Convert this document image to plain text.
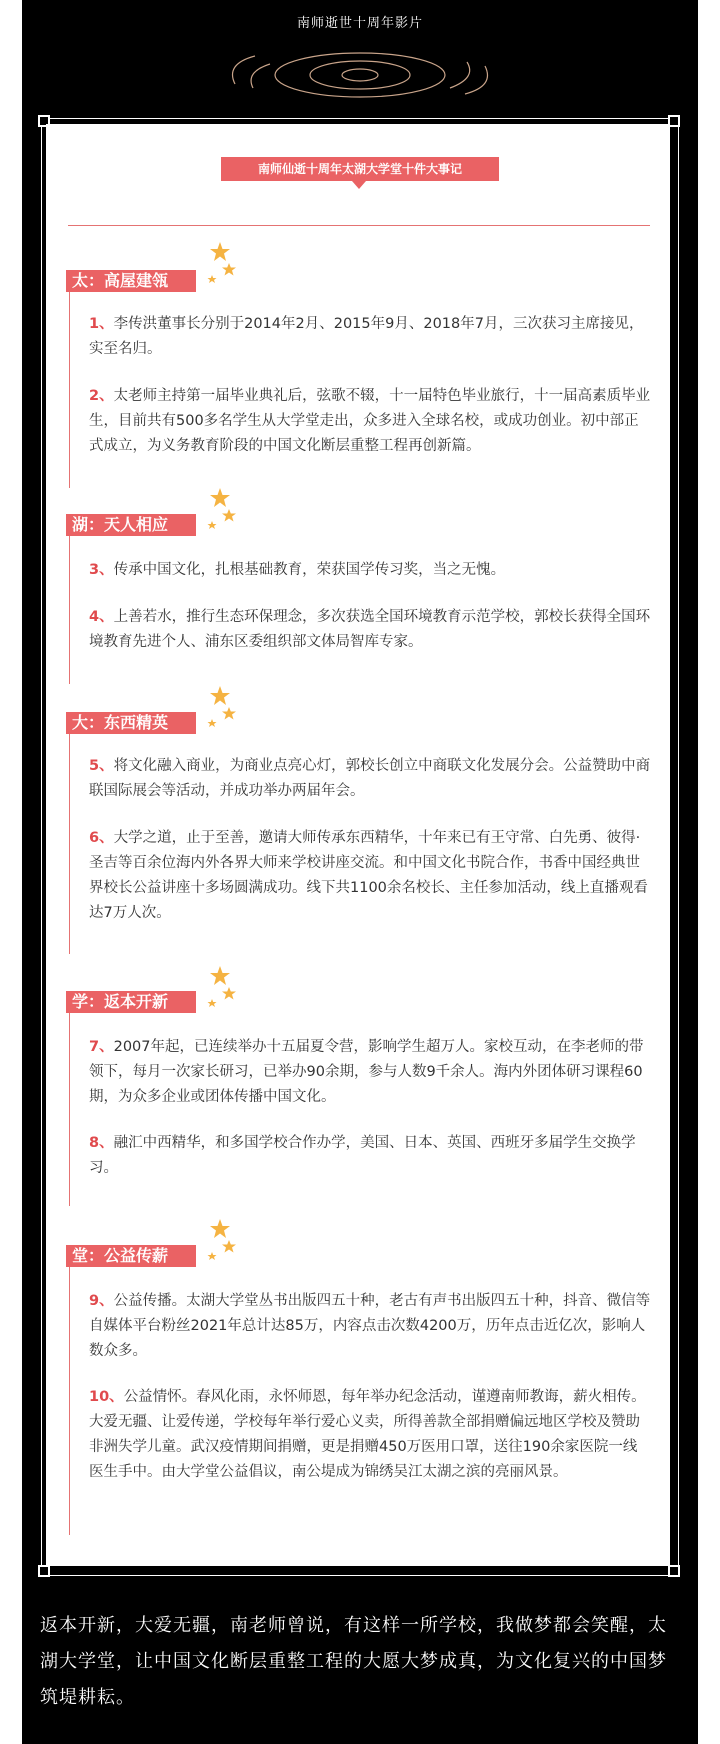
南师逝世十周年影片
南师仙逝十周年太湖大学堂十件大事记
太：高屋建瓴

1、李传洪董事长分别于2014年2月、2015年9月、2018年7月，三次获习主席接见，实至名归。

2、太老师主持第一届毕业典礼后，弦歌不辍，十一届特色毕业旅行，十一届高素质毕业生，目前共有500多名学生从大学堂走出，众多进入全球名校，或成功创业。初中部正式成立，为义务教育阶段的中国文化断层重整工程再创新篇。

湖：天人相应

3、传承中国文化，扎根基础教育，荣获国学传习奖，当之无愧。

4、上善若水，推行生态环保理念，多次获选全国环境教育示范学校，郭校长获得全国环境教育先进个人、浦东区委组织部文体局智库专家。

大：东西精英

5、将文化融入商业，为商业点亮心灯，郭校长创立中商联文化发展分会。公益赞助中商联国际展会等活动，并成功举办两届年会。

6、大学之道，止于至善，邀请大师传承东西精华，十年来已有王守常、白先勇、彼得·圣吉等百余位海内外各界大师来学校讲座交流。和中国文化书院合作，书香中国经典世界校长公益讲座十多场圆满成功。线下共1100余名校长、主任参加活动，线上直播观看达7万人次。

学：返本开新

7、2007年起，已连续举办十五届夏令营，影响学生超万人。家校互动，在李老师的带领下，每月一次家长研习，已举办90余期，参与人数9千余人。海内外团体研习课程60期，为众多企业或团体传播中国文化。

8、融汇中西精华，和多国学校合作办学，美国、日本、英国、西班牙多届学生交换学习。

堂：公益传薪

9、公益传播。太湖大学堂丛书出版四五十种，老古有声书出版四五十种，抖音、微信等自媒体平台粉丝2021年总计达85万，内容点击次数4200万，历年点击近亿次，影响人数众多。

10、公益情怀。春风化雨，永怀师恩，每年举办纪念活动，谨遵南师教诲，薪火相传。大爱无疆、让爱传递，学校每年举行爱心义卖，所得善款全部捐赠偏远地区学校及赞助非洲失学儿童。武汉疫情期间捐赠，更是捐赠450万医用口罩，送往190余家医院一线医生手中。由大学堂公益倡议，南公堤成为锦绣吴江太湖之滨的亮丽风景。

返本开新，大爱无疆，南老师曾说，有这样一所学校，我做梦都会笑醒，太湖大学堂，让中国文化断层重整工程的大愿大梦成真，为文化复兴的中国梦筑堤耕耘。
